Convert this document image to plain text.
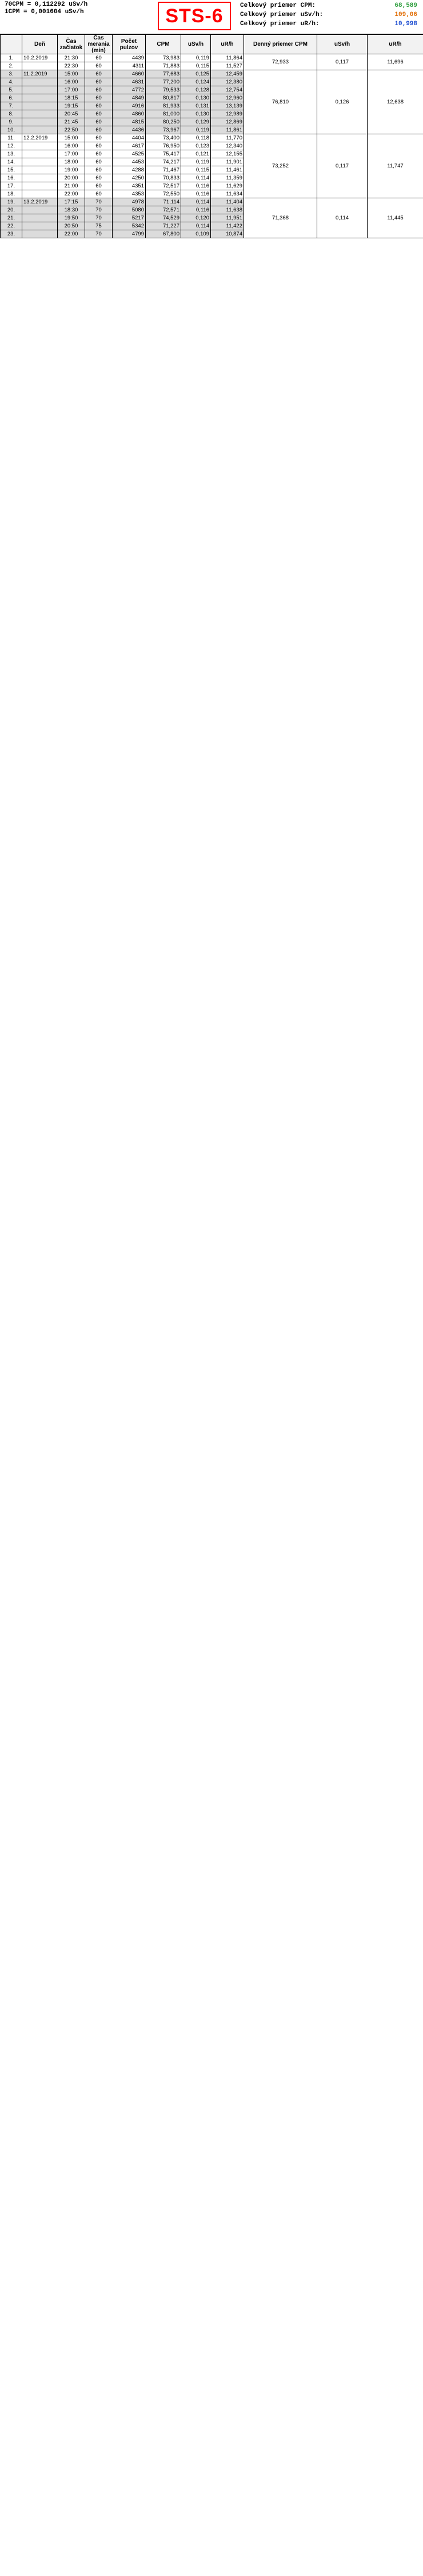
70CPM = 0,112292 uSv/h
1CPM = 0,001604 uSv/h	STS-6	Celkový priemer CPM:	68,589
Celkový priemer uSv/h:	109,06
Celkový priemer uR/h:	10,998
	Deň	Čas začiatok	Čas merania (min)	Počet pulzov	CPM	uSv/h	uR/h	Denný priemer CPM	uSv/h	uR/h
1.	10.2.2019	21:30	60	4439	73,983	0,119	11,864	72,933	0,117	11,696
2.		22:30	60	4311	71,883	0,115	11,527			
3.	11.2.2019	15:00	60	4660	77,683	0,125	12,459	76,810	0,126	12,638
4.		16:00	60	4631	77,200	0,124	12,380			
5.		17:00	60	4772	79,533	0,128	12,754			
6.		18:15	60	4849	80,817	0,130	12,960			
7.		19:15	60	4916	81,933	0,131	13,139			
8.		20:45	60	4860	81,000	0,130	12,989			
9.		21:45	60	4815	80,250	0,129	12,869			
10.		22:50	60	4436	73,967	0,119	11,861			
11.	12.2.2019	15:00	60	4404	73,400	0,118	11,770	73,252	0,117	11,747
12.		16:00	60	4617	76,950	0,123	12,340			
13.		17:00	60	4525	75,417	0,121	12,155			
14.		18:00	60	4453	74,217	0,119	11,901			
15.		19:00	60	4288	71,467	0,115	11,461			
16.		20:00	60	4250	70,833	0,114	11,359			
17.		21:00	60	4351	72,517	0,116	11,629			
18.		22:00	60	4353	72,550	0,116	11,634			
19.	13.2.2019	17:15	70	4978	71,114	0,114	11,404	71,368	0,114	11,445
20.		18:30	70	5080	72,571	0,116	11,638			
21.		19:50	70	5217	74,529	0,120	11,951			
22.		20:50	75	5342	71,227	0,114	11,422			
23.		22:00	70	4799	67,800	0,109	10,874			
